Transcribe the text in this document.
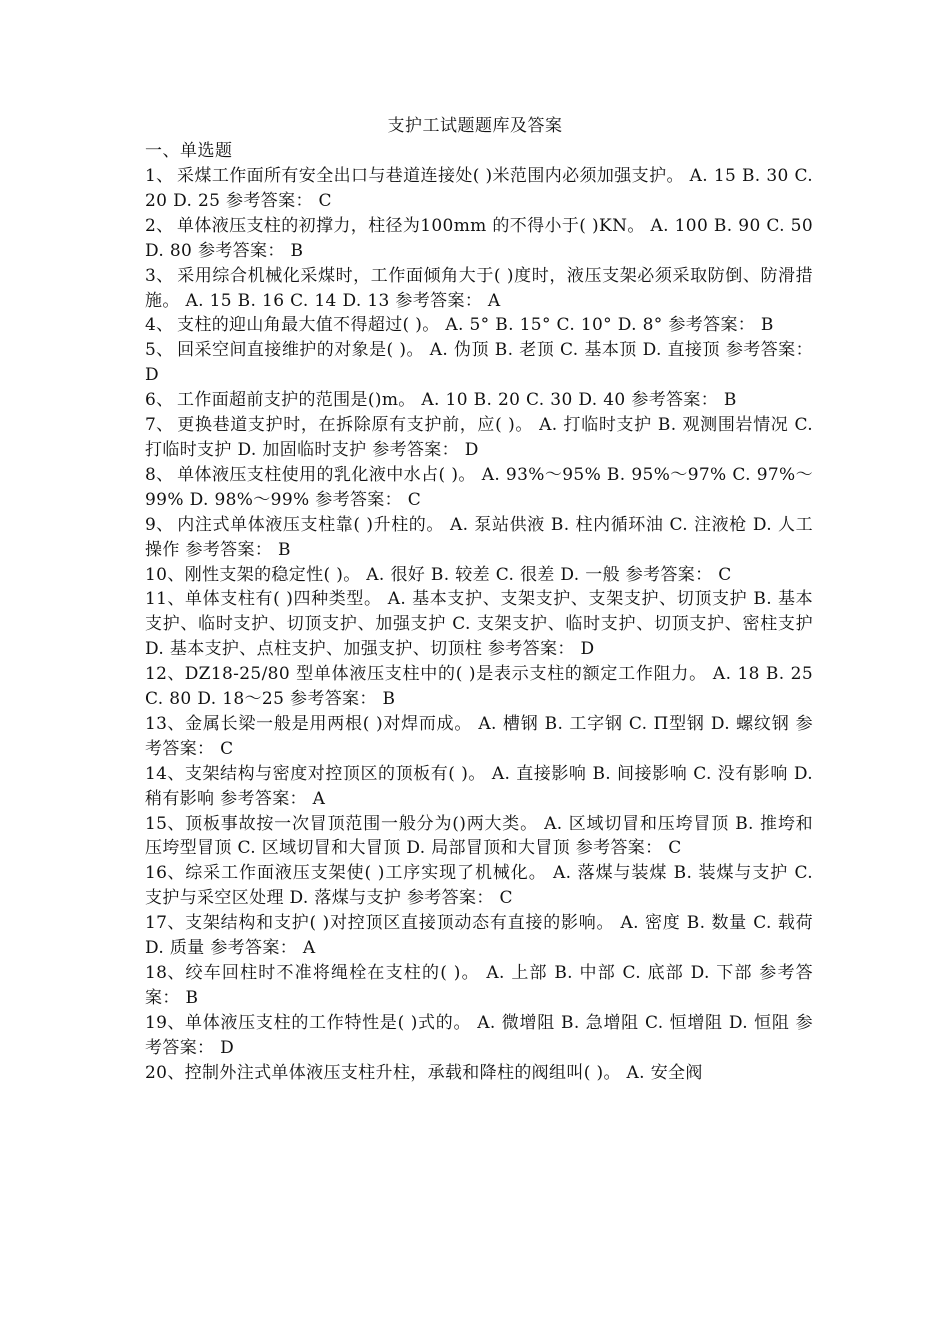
支护工试题题库及答案
一、单选题

1、 采煤工作面所有安全出口与巷道连接处( )米范围内必须加强支护。 A. 15 B. 30 C. 20 D. 25 参考答案： C

2、 单体液压支柱的初撑力，柱径为100mm 的不得小于( )KN。 A. 100 B. 90 C. 50 D. 80 参考答案： B

3、 采用综合机械化采煤时，工作面倾角大于( )度时，液压支架必须采取防倒、防滑措施。 A. 15 B. 16 C. 14 D. 13 参考答案： A

4、 支柱的迎山角最大值不得超过( )。 A. 5° B. 15° C. 10° D. 8° 参考答案： B

5、 回采空间直接维护的对象是( )。 A. 伪顶 B. 老顶 C. 基本顶 D. 直接顶 参考答案： D

6、 工作面超前支护的范围是()m。 A. 10 B. 20 C. 30 D. 40 参考答案： B

7、 更换巷道支护时，在拆除原有支护前，应( )。 A. 打临时支护 B. 观测围岩情况 C. 打临时支护 D. 加固临时支护 参考答案： D

8、 单体液压支柱使用的乳化液中水占( )。 A. 93%～95% B. 95%～97% C. 97%～99% D. 98%～99% 参考答案： C

9、 内注式单体液压支柱靠( )升柱的。 A. 泵站供液 B. 柱内循环油 C. 注液枪 D. 人工操作 参考答案： B

10、刚性支架的稳定性( )。 A. 很好 B. 较差 C. 很差 D. 一般 参考答案： C

11、单体支柱有( )四种类型。 A. 基本支护、支架支护、支架支护、切顶支护 B. 基本支护、临时支护、切顶支护、加强支护 C. 支架支护、临时支护、切顶支护、密柱支护 D. 基本支护、点柱支护、加强支护、切顶柱 参考答案： D

12、DZ18-25/80 型单体液压支柱中的( )是表示支柱的额定工作阻力。 A. 18 B. 25 C. 80 D. 18～25 参考答案： B

13、金属长梁一般是用两根( )对焊而成。 A. 槽钢 B. 工字钢 C. Π型钢 D. 螺纹钢 参考答案： C

14、支架结构与密度对控顶区的顶板有( )。 A. 直接影响 B. 间接影响 C. 没有影响 D. 稍有影响 参考答案： A

15、顶板事故按一次冒顶范围一般分为()两大类。 A. 区域切冒和压垮冒顶 B. 推垮和压垮型冒顶 C. 区域切冒和大冒顶 D. 局部冒顶和大冒顶 参考答案： C

16、综采工作面液压支架使( )工序实现了机械化。 A. 落煤与装煤 B. 装煤与支护 C. 支护与采空区处理 D. 落煤与支护 参考答案： C

17、支架结构和支护( )对控顶区直接顶动态有直接的影响。 A. 密度 B. 数量 C. 载荷 D. 质量 参考答案： A

18、绞车回柱时不准将绳栓在支柱的( )。 A. 上部 B. 中部 C. 底部 D. 下部 参考答案： B

19、单体液压支柱的工作特性是( )式的。 A. 微增阻 B. 急增阻 C. 恒增阻 D. 恒阻 参考答案： D

20、控制外注式单体液压支柱升柱，承载和降柱的阀组叫( )。 A. 安全阀
